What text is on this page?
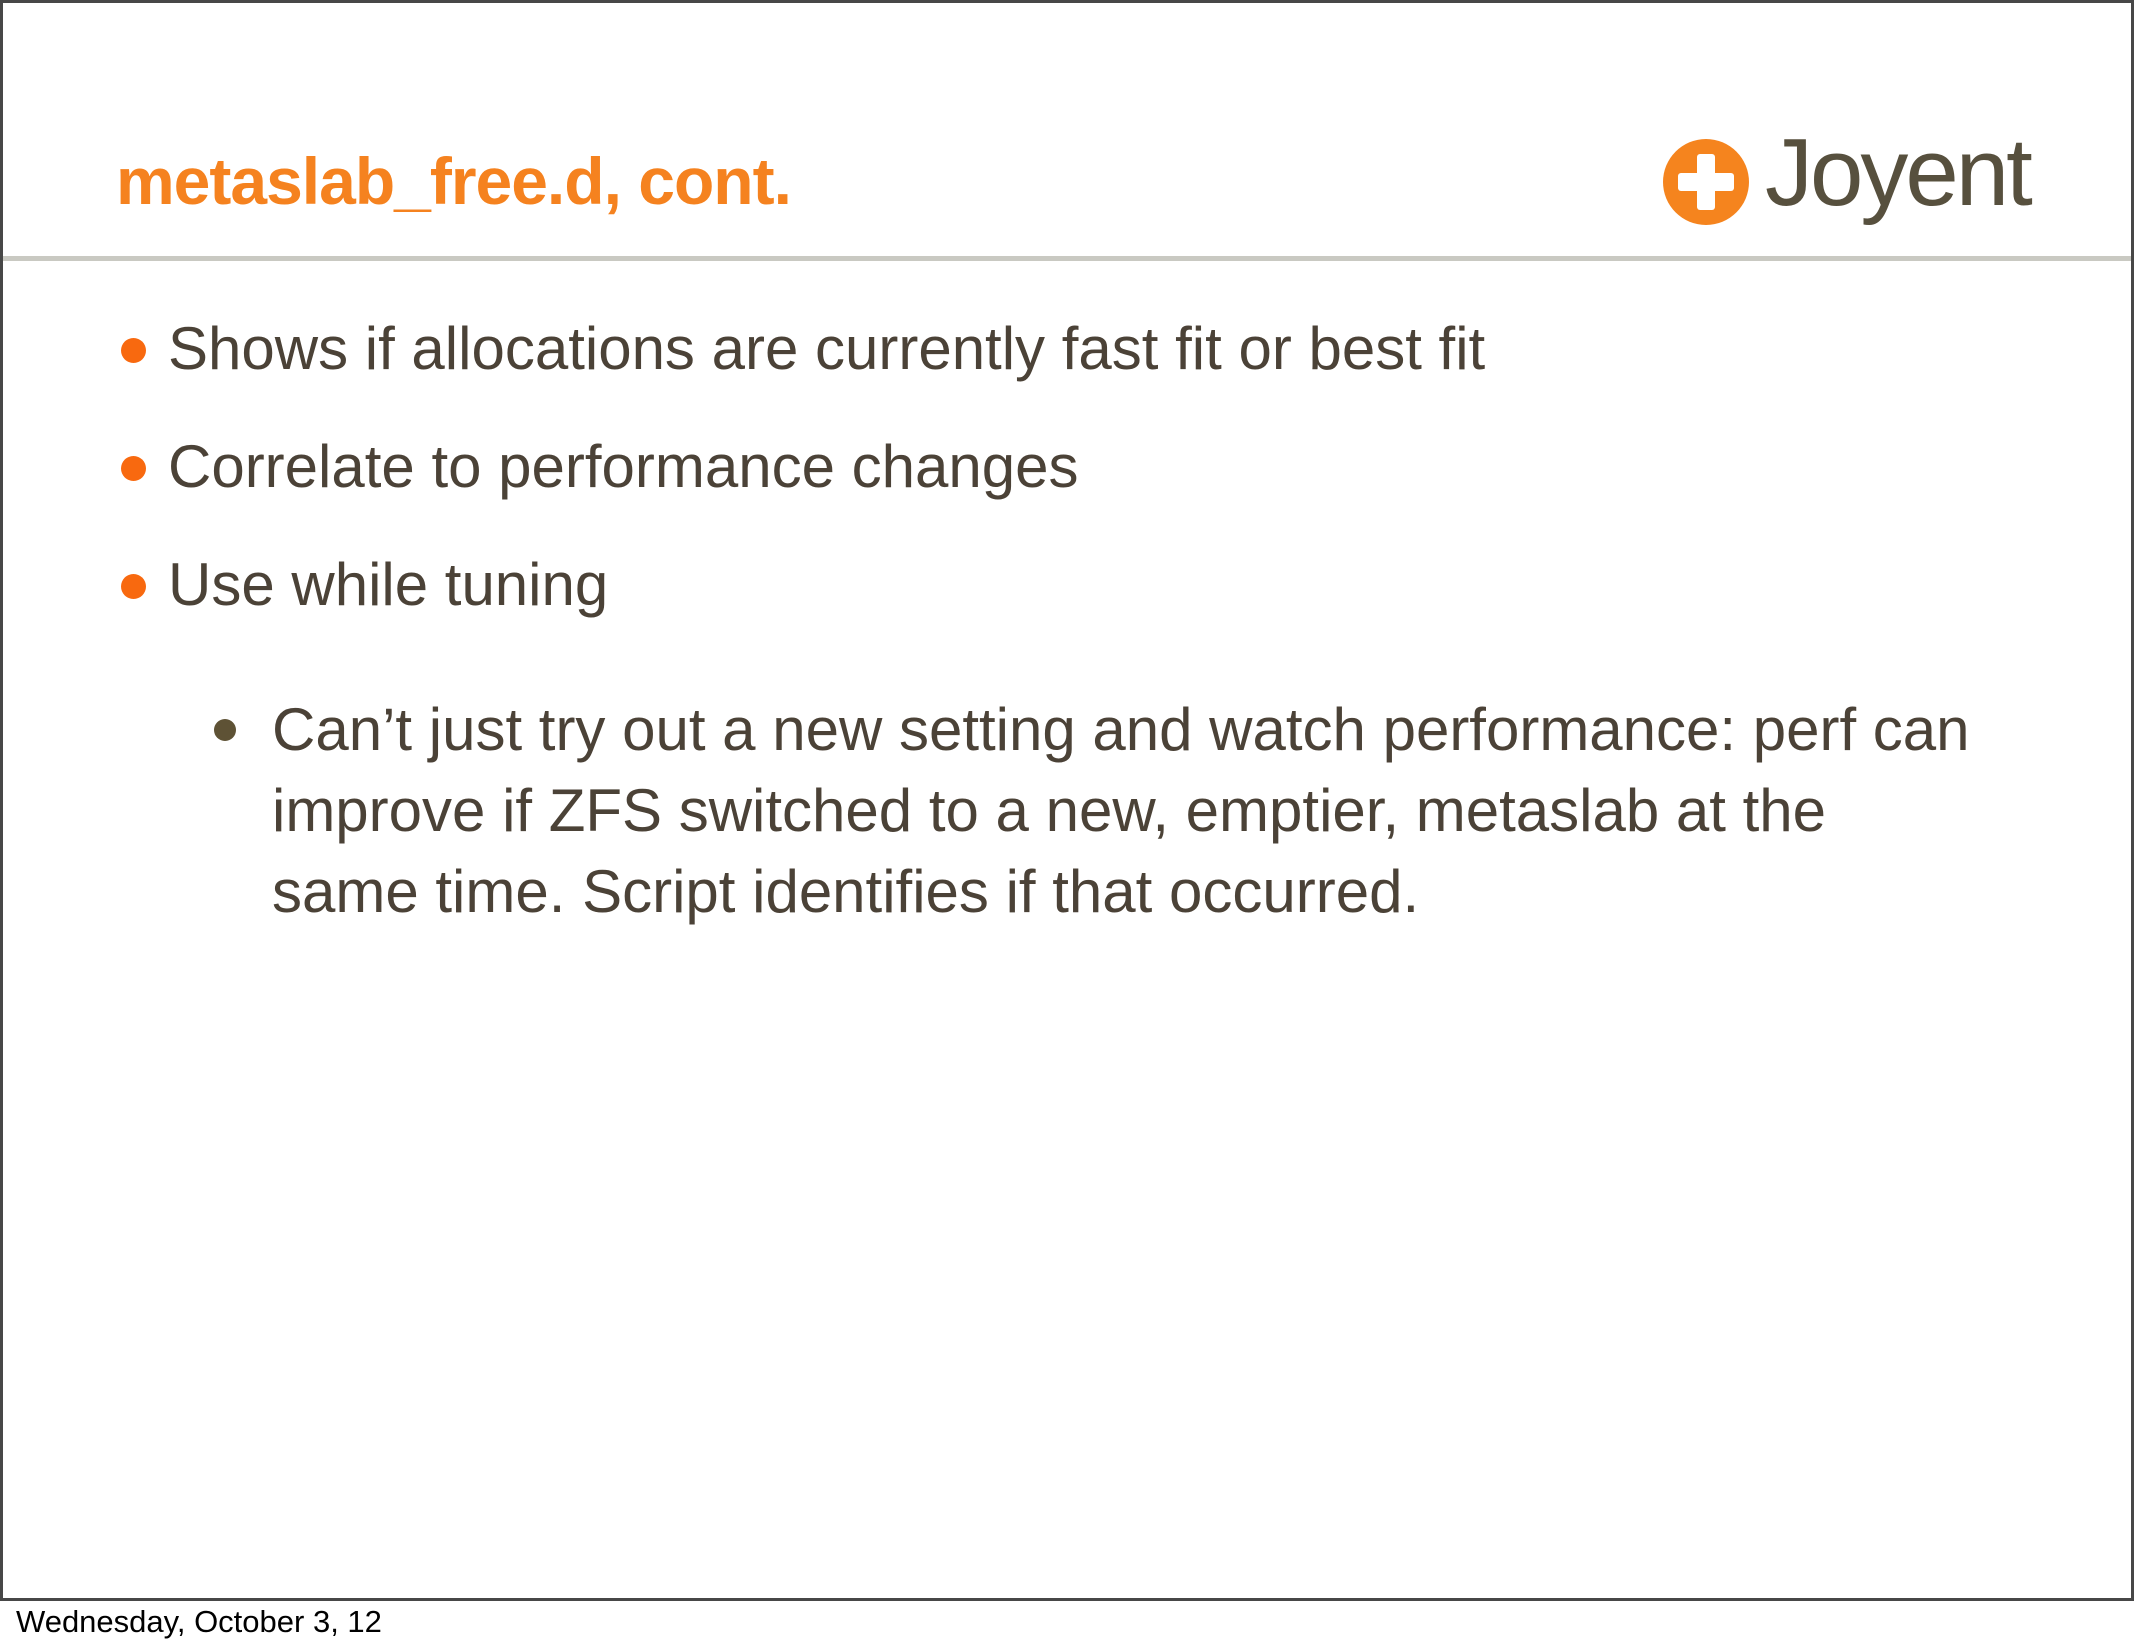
metaslab_free.d, cont.	Joyent
Shows if allocations are currently fast fit or best fit
Correlate to performance changes
Use while tuning
Can’t just try out a new setting and watch performance: perf can improve if ZFS switched to a new, emptier, metaslab at the same time. Script identifies if that occurred.
Wednesday, October 3, 12
